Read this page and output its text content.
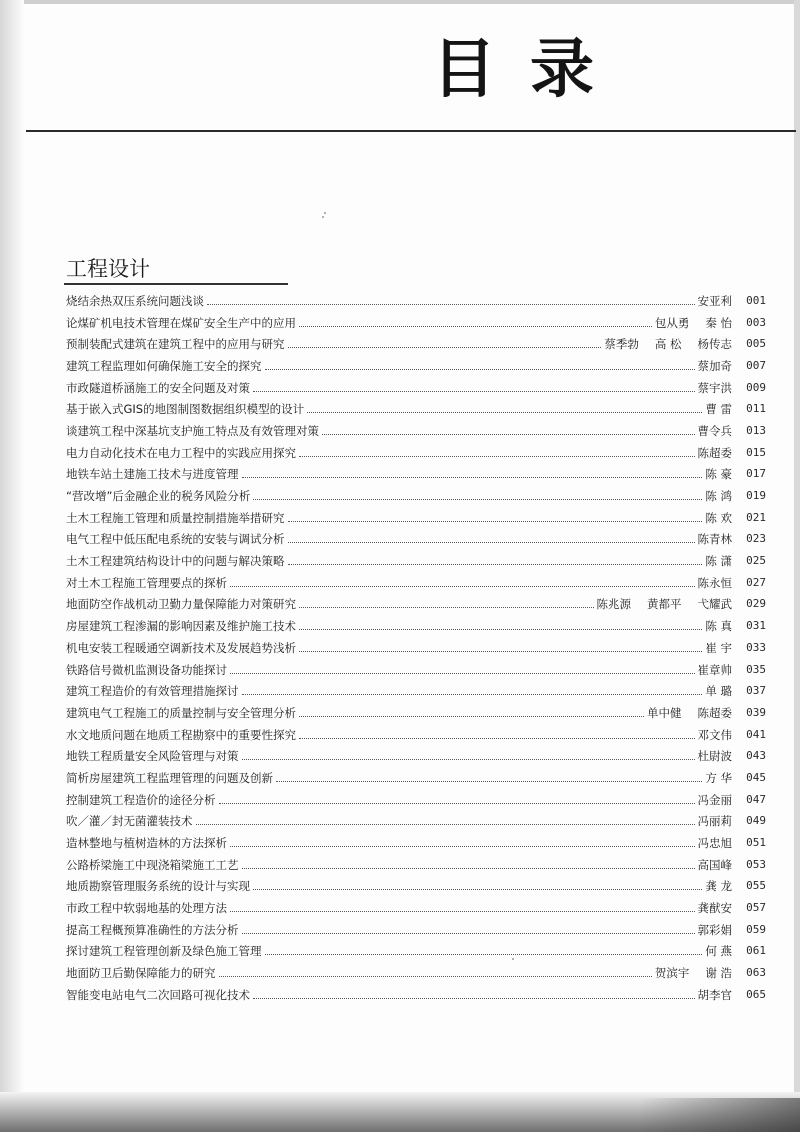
目录
工程设计
烧结余热双压系统问题浅谈	安亚利	001
论煤矿机电技术管理在煤矿安全生产中的应用	包从勇 秦 怡	003
预制装配式建筑在建筑工程中的应用与研究	蔡季勃 高 松 杨传志	005
建筑工程监理如何确保施工安全的探究	蔡加奇	007
市政隧道桥涵施工的安全问题及对策	蔡宇洪	009
基于嵌入式GIS的地图制图数据组织模型的设计	曹 雷	011
谈建筑工程中深基坑支护施工特点及有效管理对策	曹令兵	013
电力自动化技术在电力工程中的实践应用探究	陈超委	015
地铁车站土建施工技术与进度管理	陈 豪	017
“营改增”后金融企业的税务风险分析	陈 鸿	019
土木工程施工管理和质量控制措施举措研究	陈 欢	021
电气工程中低压配电系统的安装与调试分析	陈青林	023
土木工程建筑结构设计中的问题与解决策略	陈 潇	025
对土木工程施工管理要点的探析	陈永恒	027
地面防空作战机动卫勤力量保障能力对策研究	陈兆源 黄都平 弋耀武	029
房屋建筑工程渗漏的影响因素及维护施工技术	陈 真	031
机电安装工程暖通空调新技术及发展趋势浅析	崔 宇	033
铁路信号微机监测设备功能探讨	崔章帅	035
建筑工程造价的有效管理措施探讨	单 璐	037
建筑电气工程施工的质量控制与安全管理分析	单中健 陈超委	039
水文地质问题在地质工程勘察中的重要性探究	邓文伟	041
地铁工程质量安全风险管理与对策	杜尉波	043
简析房屋建筑工程监理管理的问题及创新	方 华	045
控制建筑工程造价的途径分析	冯金丽	047
吹／灌／封无菌灌装技术	冯丽莉	049
造林整地与植树造林的方法探析	冯忠旭	051
公路桥梁施工中现浇箱梁施工工艺	高国峰	053
地质勘察管理服务系统的设计与实现	龚 龙	055
市政工程中软弱地基的处理方法	龚猷安	057
提高工程概预算准确性的方法分析	郭彩娟	059
探讨建筑工程管理创新及绿色施工管理	何 燕	061
地面防卫后勤保障能力的研究	贺滨宇 谢 浩	063
智能变电站电气二次回路可视化技术	胡李官	065
